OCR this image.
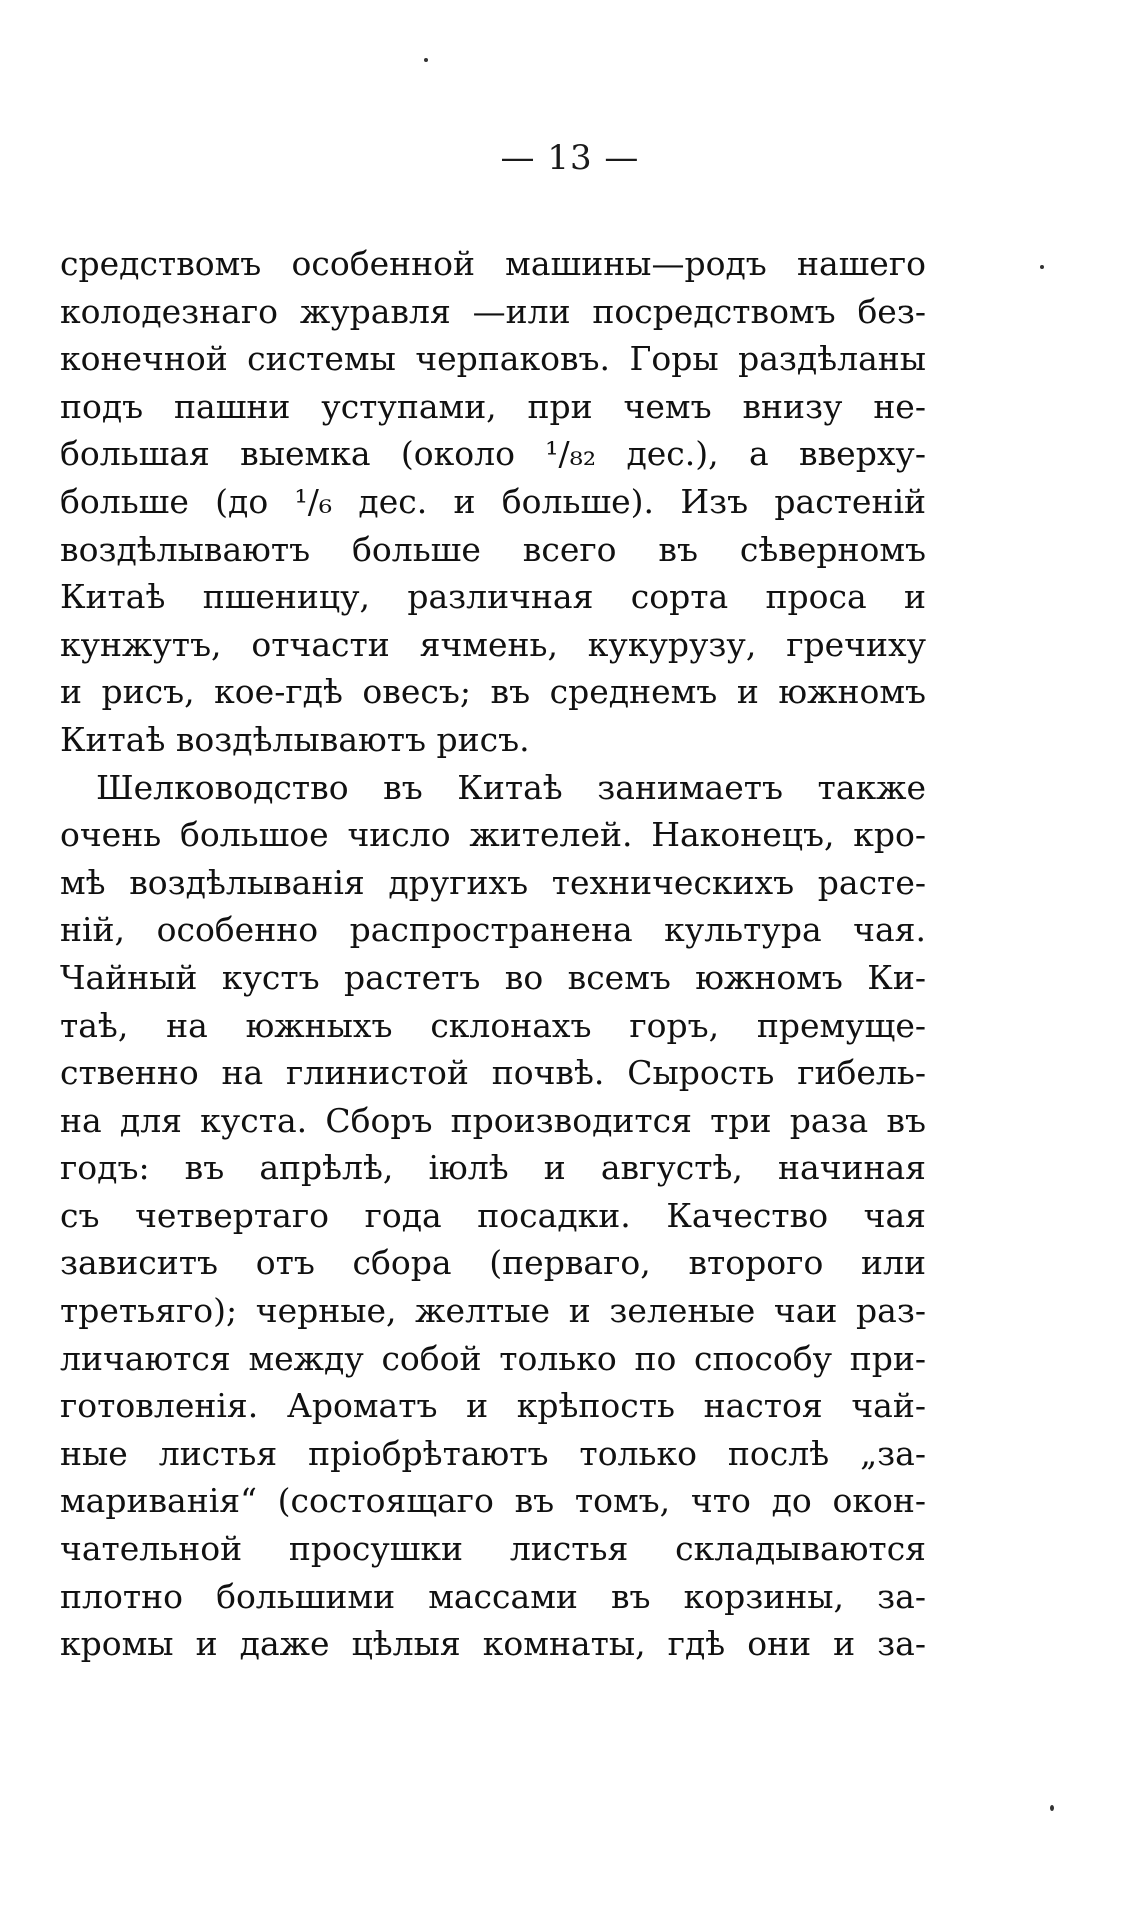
— 13 —
средствомъ особенной машины—родъ нашего
колодезнаго журавля —или посредствомъ без-
конечной системы черпаковъ. Горы раздѣланы
подъ пашни уступами, при чемъ внизу не-
большая выемка (около ¹/₈₂ дес.), а вверху-
больше (до ¹/₆ дес. и больше). Изъ растеній
воздѣлываютъ больше всего въ сѣверномъ
Китаѣ пшеницу, различная сорта проса и
кунжутъ, отчасти ячмень, кукурузу, гречиху
и рисъ, кое-гдѣ овесъ; въ среднемъ и южномъ
Китаѣ воздѣлываютъ рисъ.
Шелководство въ Китаѣ занимаетъ также
очень большое число жителей. Наконецъ, кро-
мѣ воздѣлыванія другихъ техническихъ расте-
ній, особенно распространена культура чая.
Чайный кустъ растетъ во всемъ южномъ Ки-
таѣ, на южныхъ склонахъ горъ, премуще-
ственно на глинистой почвѣ. Сырость гибель-
на для куста. Сборъ производится три раза въ
годъ: въ апрѣлѣ, іюлѣ и августѣ, начиная
съ четвертаго года посадки. Качество чая
зависитъ отъ сбора (перваго, второго или
третьяго); черные, желтые и зеленые чаи раз-
личаются между собой только по способу при-
готовленія. Ароматъ и крѣпость настоя чай-
ные листья пріобрѣтаютъ только послѣ „за-
мариванія“ (состоящаго въ томъ, что до окон-
чательной просушки листья складываются
плотно большими массами въ корзины, за-
кромы и даже цѣлыя комнаты, гдѣ они и за-
